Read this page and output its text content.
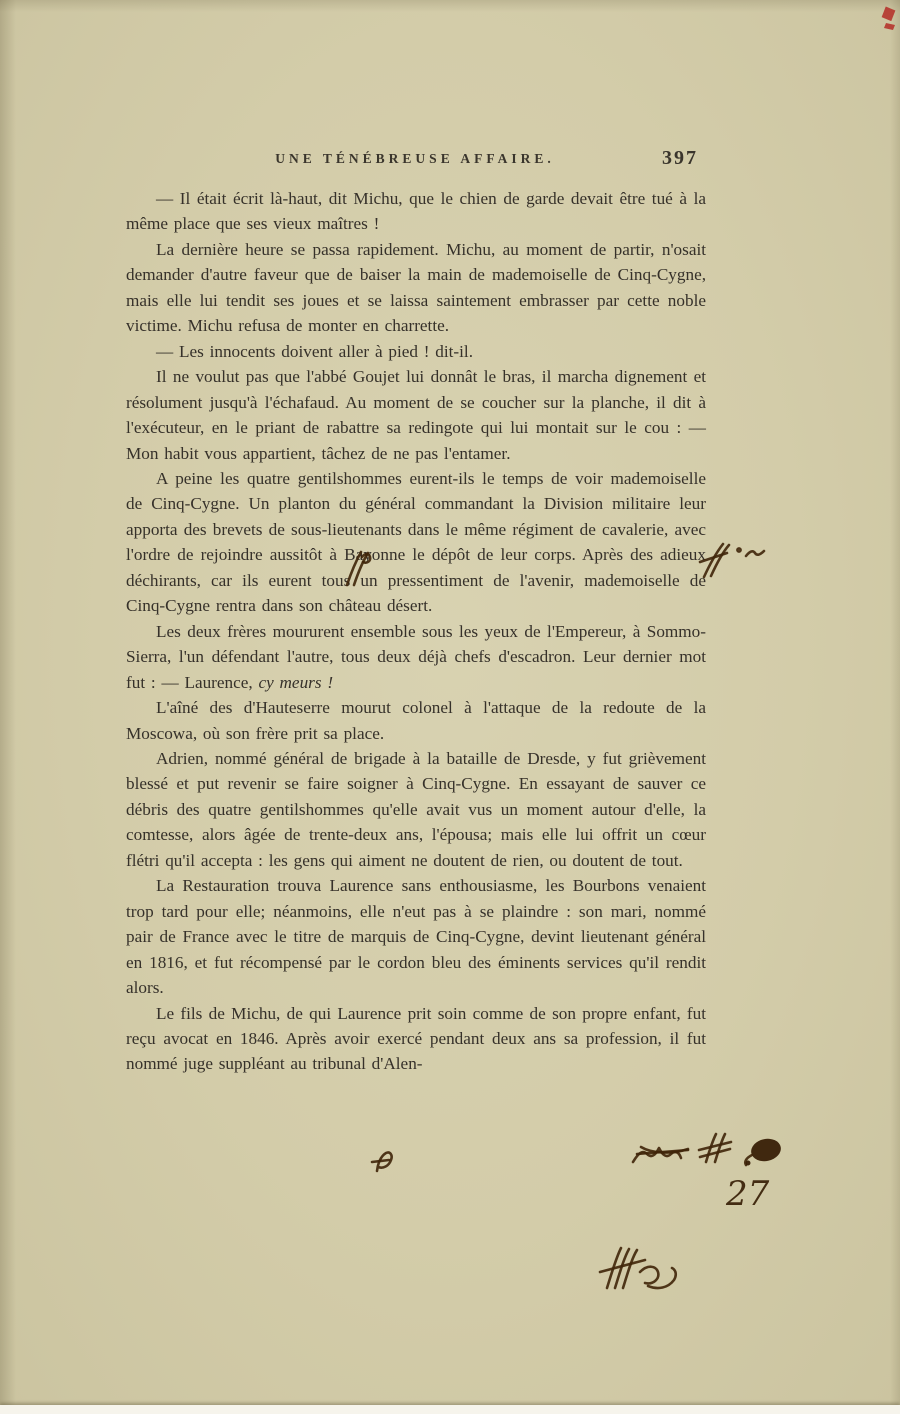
UNE TÉNÉBREUSE AFFAIRE.	397

— Il était écrit là-haut, dit Michu, que le chien de garde devait être tué à la même place que ses vieux maîtres !

La dernière heure se passa rapidement. Michu, au moment de partir, n'osait demander d'autre faveur que de baiser la main de mademoiselle de Cinq-Cygne, mais elle lui tendit ses joues et se laissa saintement embrasser par cette noble victime. Michu refusa de monter en charrette.

— Les innocents doivent aller à pied ! dit-il.

Il ne voulut pas que l'abbé Goujet lui donnât le bras, il marcha dignement et résolument jusqu'à l'échafaud. Au moment de se coucher sur la planche, il dit à l'exécuteur, en le priant de rabattre sa redingote qui lui montait sur le cou : — Mon habit vous appartient, tâchez de ne pas l'entamer.

A peine les quatre gentilshommes eurent-ils le temps de voir mademoiselle de Cinq-Cygne. Un planton du général commandant la Division militaire leur apporta des brevets de sous-lieutenants dans le même régiment de cavalerie, avec l'ordre de rejoindre aussitôt à Bayonne le dépôt de leur corps. Après des adieux déchirants, car ils eurent tous un pressentiment de l'avenir, mademoiselle de Cinq-Cygne rentra dans son château désert.

Les deux frères moururent ensemble sous les yeux de l'Empereur, à Sommo-Sierra, l'un défendant l'autre, tous deux déjà chefs d'escadron. Leur dernier mot fut : — Laurence, cy meurs !

L'aîné des d'Hauteserre mourut colonel à l'attaque de la redoute de la Moscowa, où son frère prit sa place.

Adrien, nommé général de brigade à la bataille de Dresde, y fut grièvement blessé et put revenir se faire soigner à Cinq-Cygne. En essayant de sauver ce débris des quatre gentilshommes qu'elle avait vus un moment autour d'elle, la comtesse, alors âgée de trente-deux ans, l'épousa; mais elle lui offrit un cœur flétri qu'il accepta : les gens qui aiment ne doutent de rien, ou doutent de tout.

La Restauration trouva Laurence sans enthousiasme, les Bourbons venaient trop tard pour elle; néanmoins, elle n'eut pas à se plaindre : son mari, nommé pair de France avec le titre de marquis de Cinq-Cygne, devint lieutenant général en 1816, et fut récompensé par le cordon bleu des éminents services qu'il rendit alors.

Le fils de Michu, de qui Laurence prit soin comme de son propre enfant, fut reçu avocat en 1846. Après avoir exercé pendant deux ans sa profession, il fut nommé juge suppléant au tribunal d'Alen-

27
